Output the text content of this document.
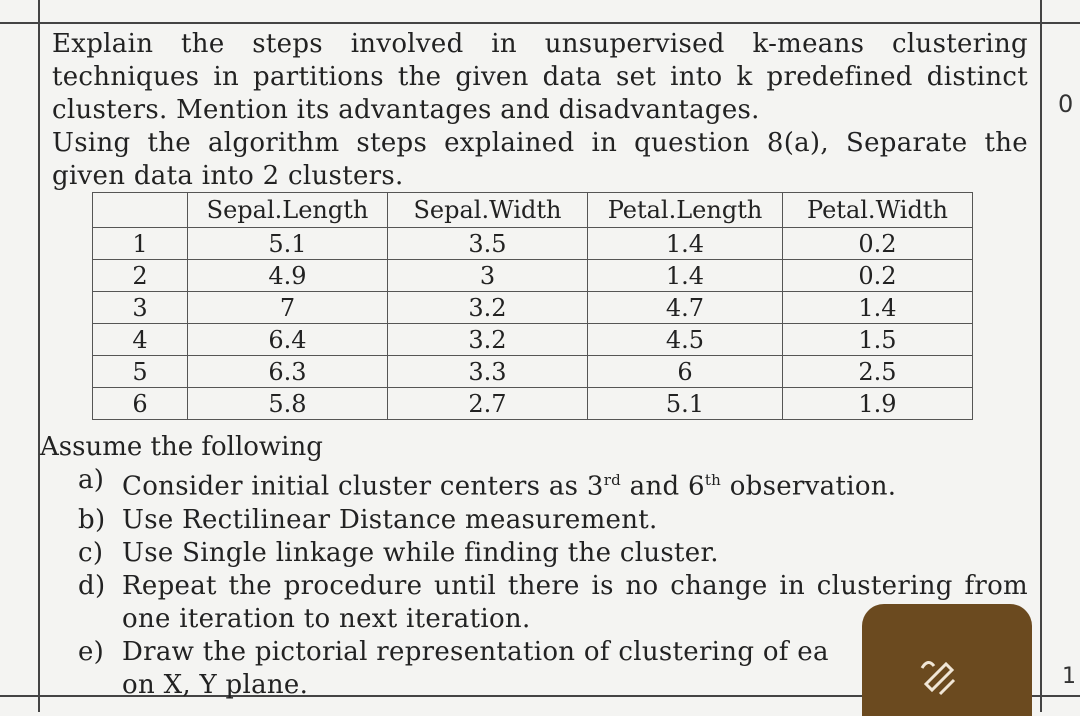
0
1

Explain the steps involved in unsupervised k-means clustering techniques in partitions the given data set into k predefined distinct clusters. Mention its advantages and disadvantages.

Using the algorithm steps explained in question 8(a), Separate the given data into 2 clusters.

	Sepal.Length	Sepal.Width	Petal.Length	Petal.Width
1	5.1	3.5	1.4	0.2
2	4.9	3	1.4	0.2
3	7	3.2	4.7	1.4
4	6.4	3.2	4.5	1.5
5	6.3	3.3	6	2.5
6	5.8	2.7	5.1	1.9
Assume the following
a) Consider initial cluster centers as 3rd and 6th observation.
b) Use Rectilinear Distance measurement.
c) Use Single linkage while finding the cluster.
d) Repeat the procedure until there is no change in clustering from one iteration to next iteration.
e) Draw the pictorial representation of clustering of ea
on X, Y plane.
